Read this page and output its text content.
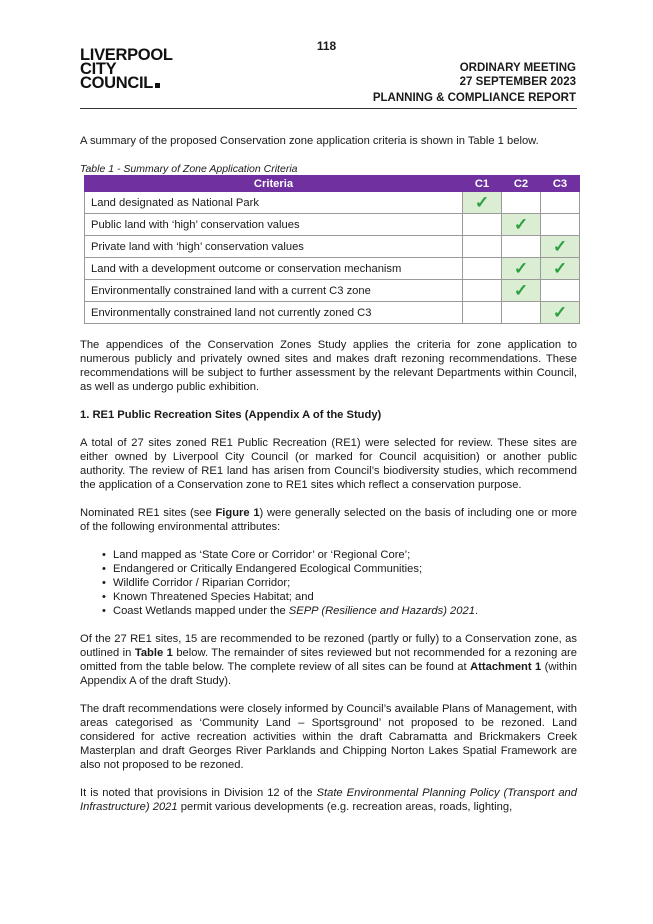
118
LIVERPOOL
CITY
COUNCIL
ORDINARY MEETING
27 SEPTEMBER 2023
PLANNING & COMPLIANCE REPORT

A summary of the proposed Conservation zone application criteria is shown in Table 1 below.

Table 1 - Summary of Zone Application Criteria
Criteria	C1	C2	C3
Land designated as National Park	✓		
Public land with ‘high’ conservation values		✓	
Private land with ‘high’ conservation values			✓
Land with a development outcome or conservation mechanism		✓	✓
Environmentally constrained land with a current C3 zone		✓	
Environmentally constrained land not currently zoned C3			✓

The appendices of the Conservation Zones Study applies the criteria for zone application to numerous publicly and privately owned sites and makes draft rezoning recommendations. These recommendations will be subject to further assessment by the relevant Departments within Council, as well as undergo public exhibition.

1. RE1 Public Recreation Sites (Appendix A of the Study)

A total of 27 sites zoned RE1 Public Recreation (RE1) were selected for review. These sites are either owned by Liverpool City Council (or marked for Council acquisition) or another public authority. The review of RE1 land has arisen from Council’s biodiversity studies, which recommend the application of a Conservation zone to RE1 sites which reflect a conservation purpose.

Nominated RE1 sites (see Figure 1) were generally selected on the basis of including one or more of the following environmental attributes:

• Land mapped as ‘State Core or Corridor’ or ‘Regional Core’;
• Endangered or Critically Endangered Ecological Communities;
• Wildlife Corridor / Riparian Corridor;
• Known Threatened Species Habitat; and
• Coast Wetlands mapped under the SEPP (Resilience and Hazards) 2021.

Of the 27 RE1 sites, 15 are recommended to be rezoned (partly or fully) to a Conservation zone, as outlined in Table 1 below. The remainder of sites reviewed but not recommended for a rezoning are omitted from the table below. The complete review of all sites can be found at Attachment 1 (within Appendix A of the draft Study).

The draft recommendations were closely informed by Council’s available Plans of Management, with areas categorised as ‘Community Land – Sportsground’ not proposed to be rezoned. Land considered for active recreation activities within the draft Cabramatta and Brickmakers Creek Masterplan and draft Georges River Parklands and Chipping Norton Lakes Spatial Framework are also not proposed to be rezoned.

It is noted that provisions in Division 12 of the State Environmental Planning Policy (Transport and Infrastructure) 2021 permit various developments (e.g. recreation areas, roads, lighting,
